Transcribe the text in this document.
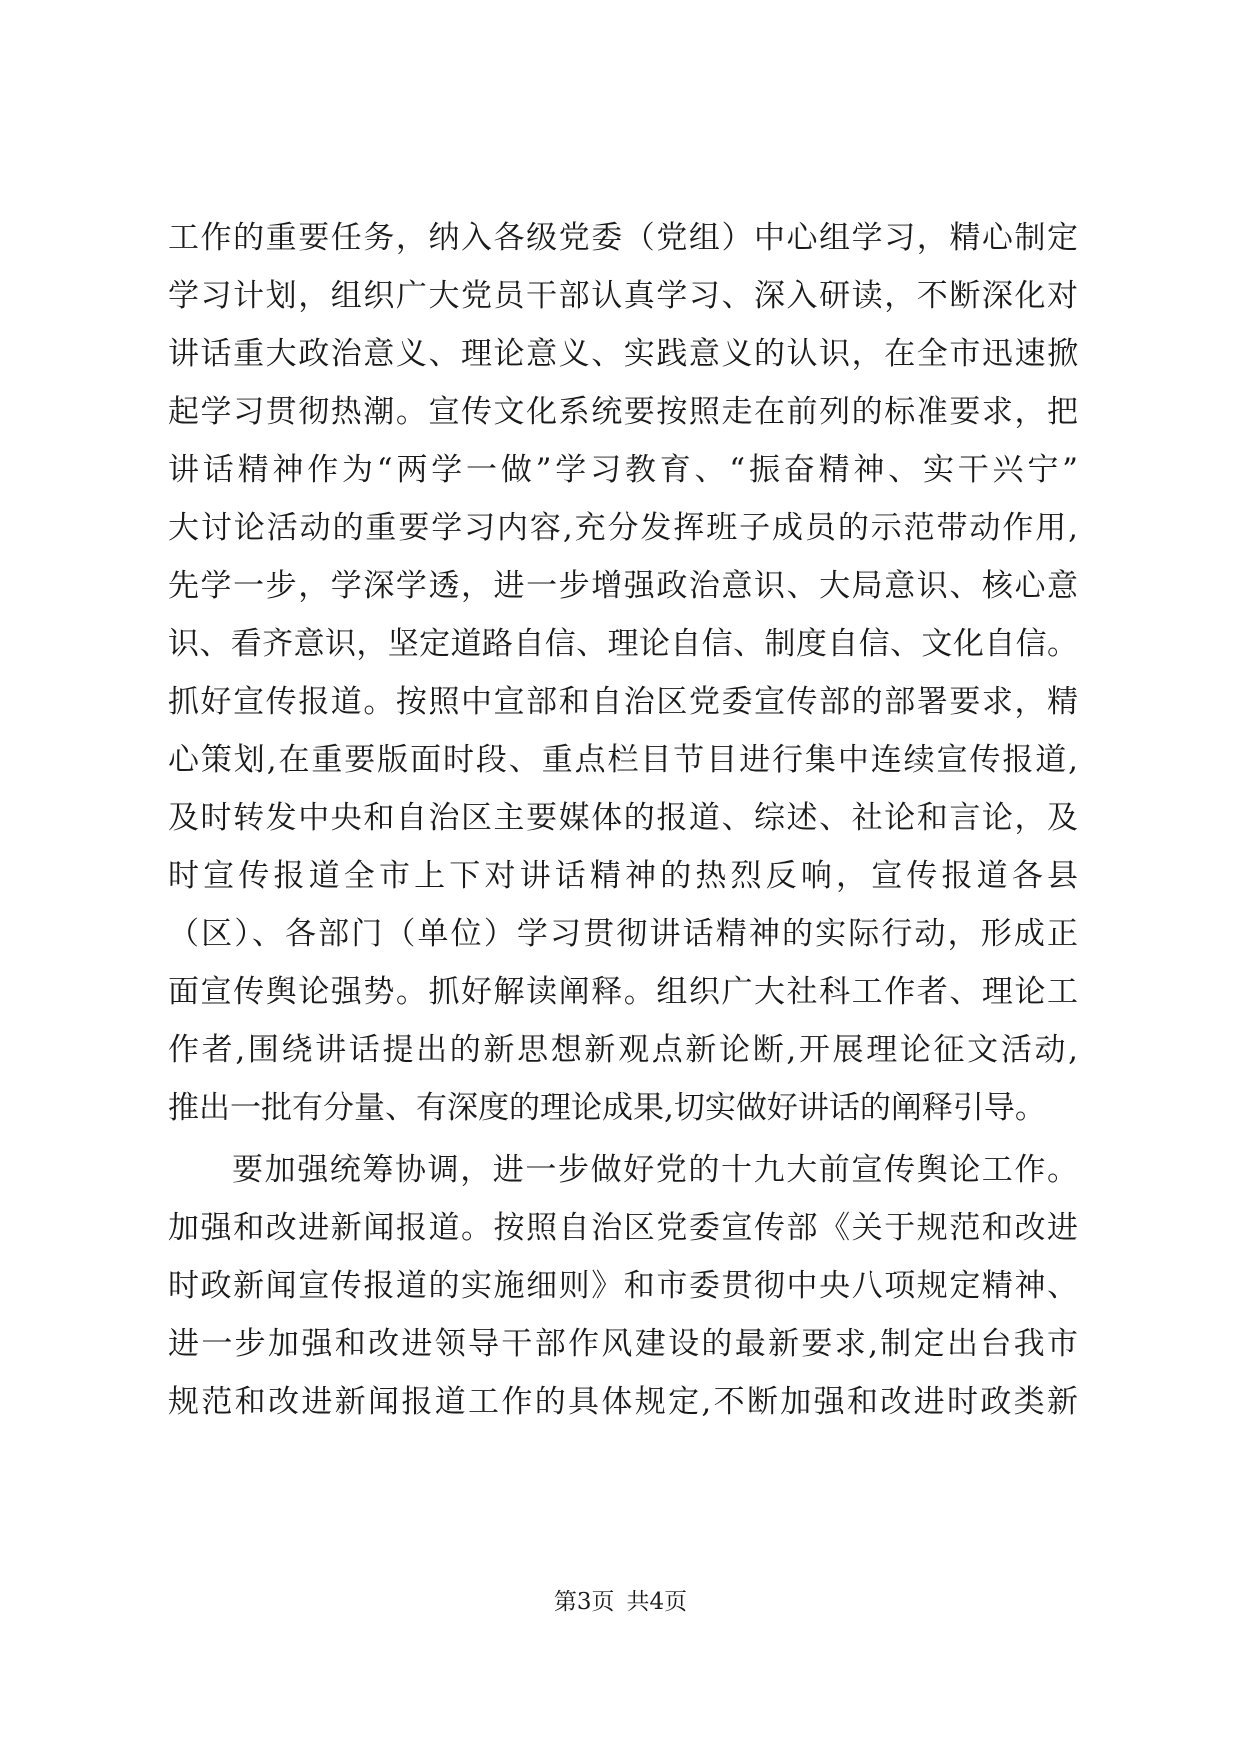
工作的重要任务，纳入各级党委（党组）中心组学习，精心制定
学习计划，组织广大党员干部认真学习、深入研读，不断深化对
讲话重大政治意义、理论意义、实践意义的认识，在全市迅速掀
起学习贯彻热潮。宣传文化系统要按照走在前列的标准要求，把
讲话精神作为“两学一做”学习教育、“振奋精神、实干兴宁”
大讨论活动的重要学习内容,充分发挥班子成员的示范带动作用,
先学一步，学深学透，进一步增强政治意识、大局意识、核心意
识、看齐意识，坚定道路自信、理论自信、制度自信、文化自信。
抓好宣传报道。按照中宣部和自治区党委宣传部的部署要求，精
心策划,在重要版面时段、重点栏目节目进行集中连续宣传报道,
及时转发中央和自治区主要媒体的报道、综述、社论和言论，及
时宣传报道全市上下对讲话精神的热烈反响，宣传报道各县
（区）、各部门（单位）学习贯彻讲话精神的实际行动，形成正
面宣传舆论强势。抓好解读阐释。组织广大社科工作者、理论工
作者,围绕讲话提出的新思想新观点新论断,开展理论征文活动,
推出一批有分量、有深度的理论成果,切实做好讲话的阐释引导。
要加强统筹协调，进一步做好党的十九大前宣传舆论工作。
加强和改进新闻报道。按照自治区党委宣传部《关于规范和改进
时政新闻宣传报道的实施细则》和市委贯彻中央八项规定精神、
进一步加强和改进领导干部作风建设的最新要求,制定出台我市
规范和改进新闻报道工作的具体规定,不断加强和改进时政类新
第3页 共4页
